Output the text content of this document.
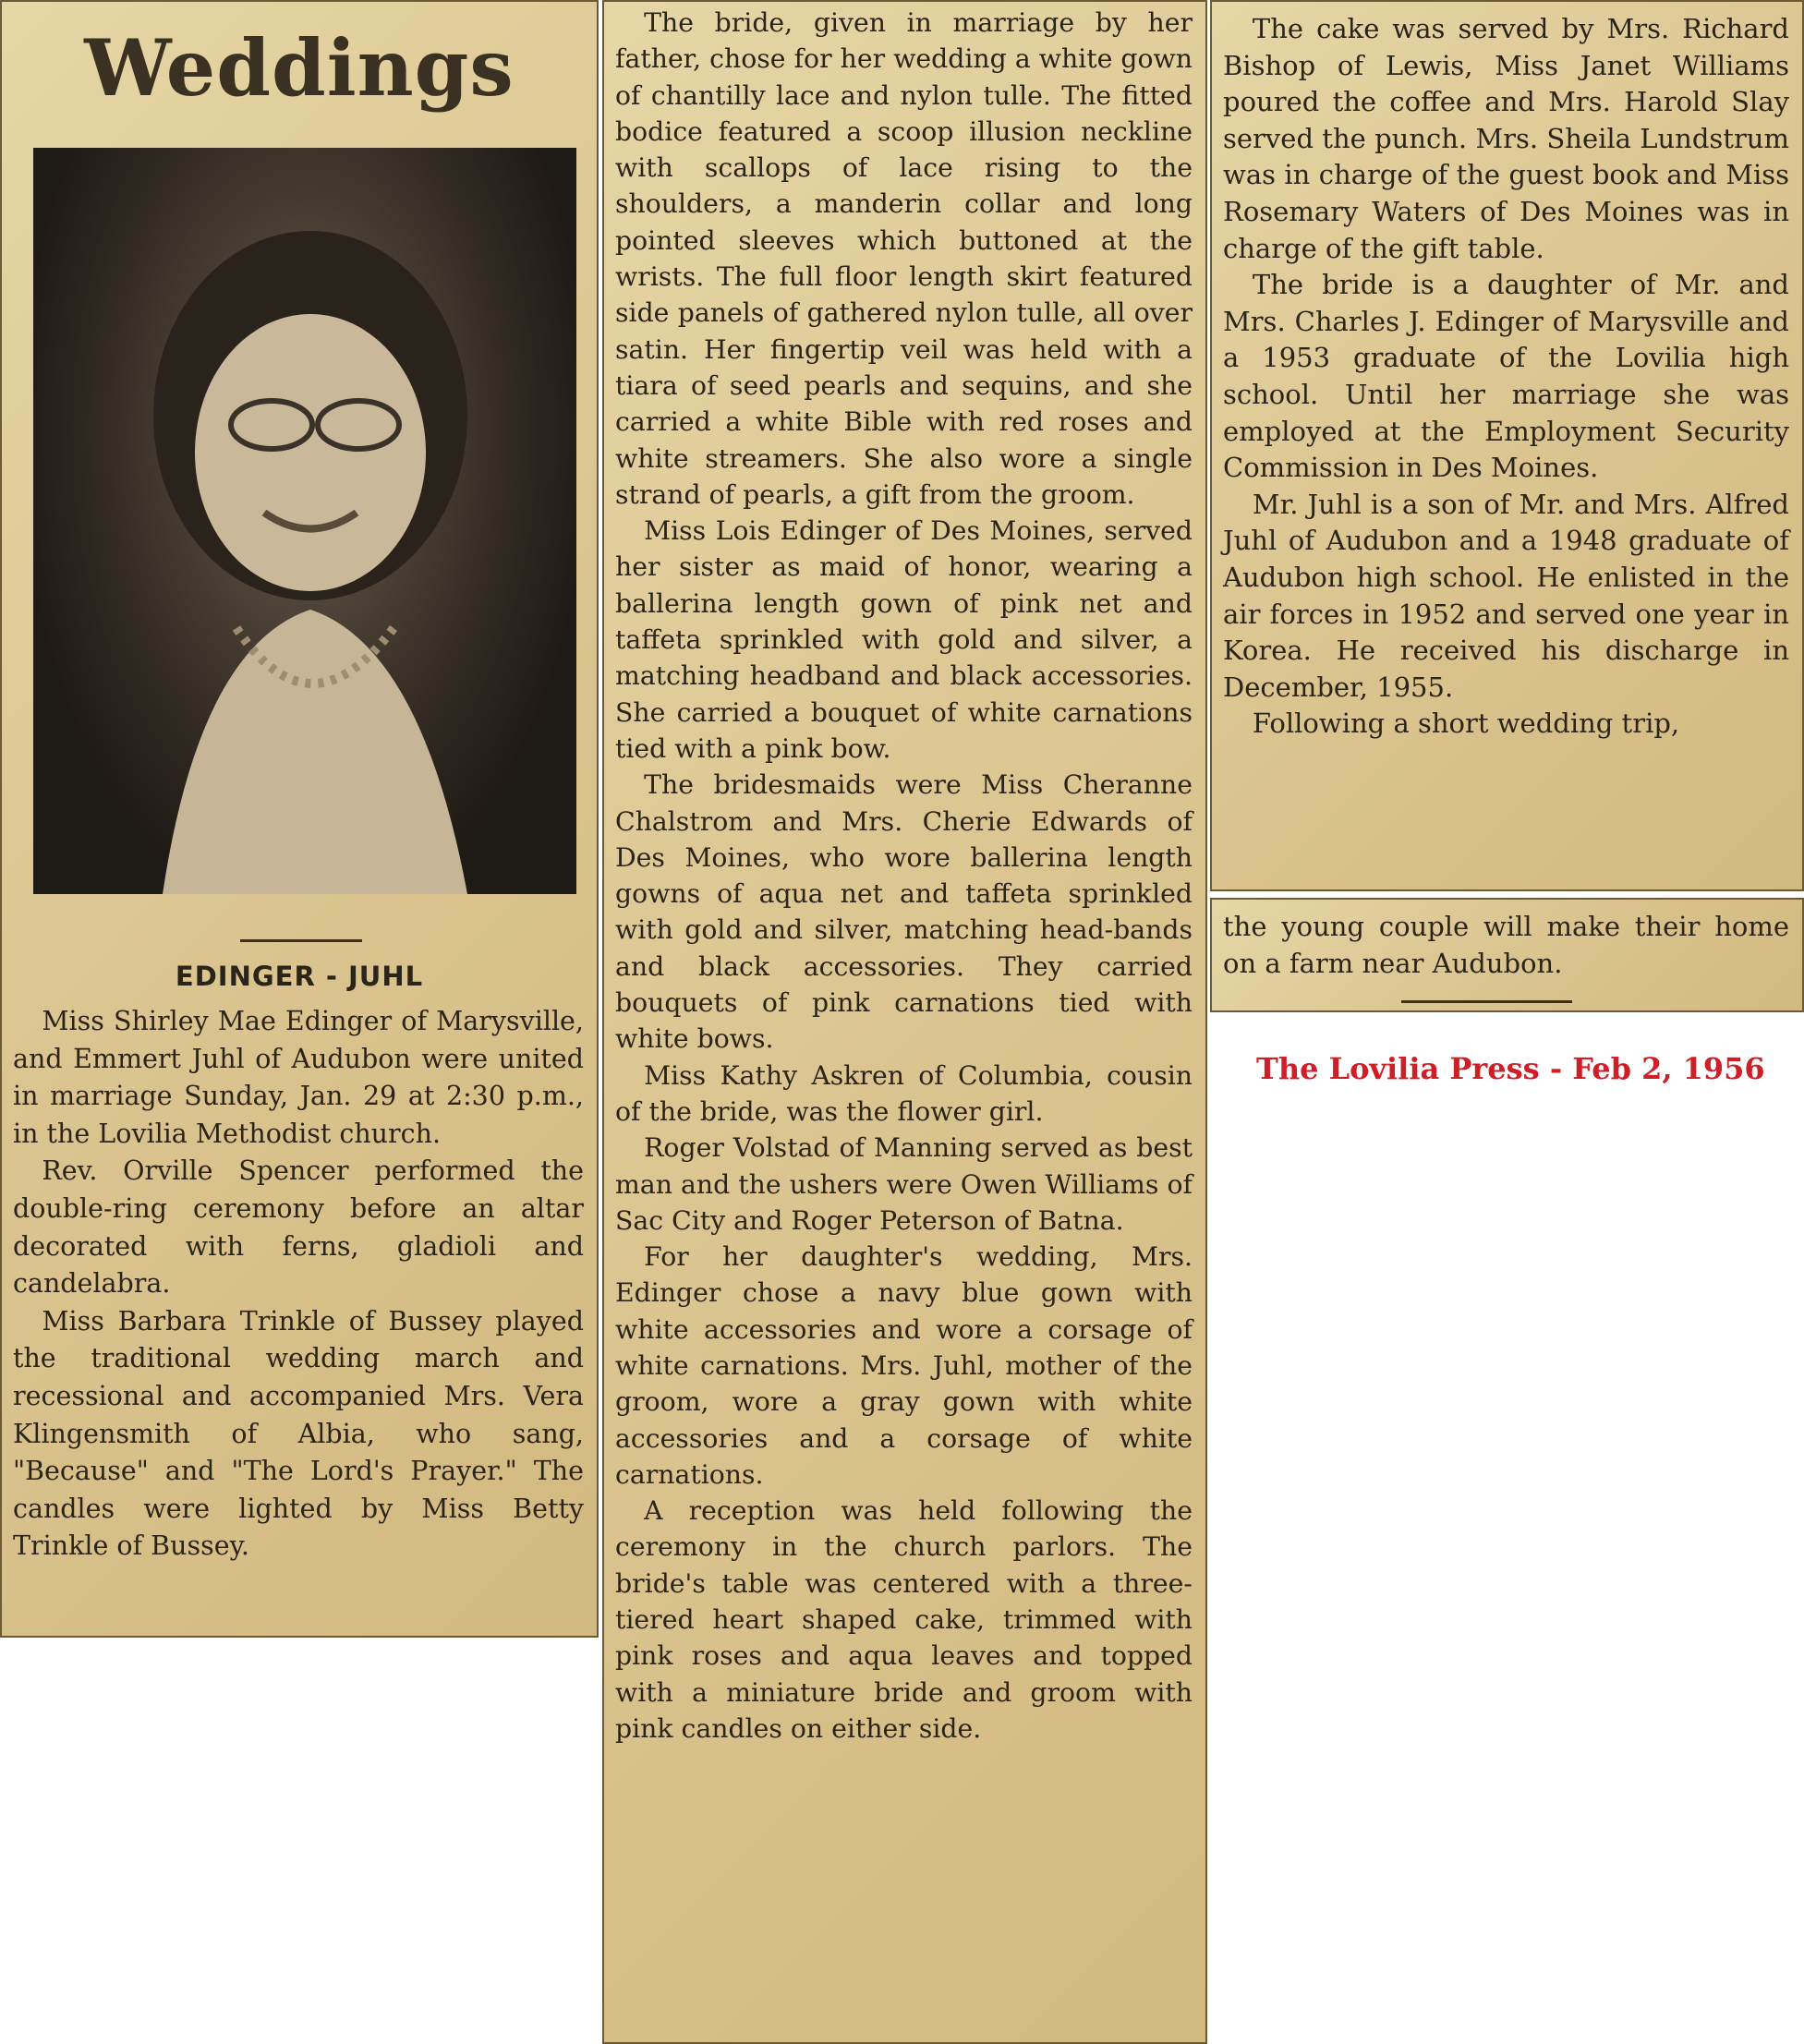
Weddings
EDINGER - JUHL

Miss Shirley Mae Edinger of Marysville, and Emmert Juhl of Audubon were united in marriage Sunday, Jan. 29 at 2:30 p.m., in the Lovilia Methodist church.

Rev. Orville Spencer performed the double-ring ceremony before an altar decorated with ferns, gladioli and candelabra.

Miss Barbara Trinkle of Bussey played the traditional wedding march and recessional and accompanied Mrs. Vera Klingensmith of Albia, who sang, "Because" and "The Lord's Prayer." The candles were lighted by Miss Betty Trinkle of Bussey.

The bride, given in marriage by her father, chose for her wedding a white gown of chantilly lace and nylon tulle. The fitted bodice featured a scoop illusion neckline with scallops of lace rising to the shoulders, a manderin collar and long pointed sleeves which buttoned at the wrists. The full floor length skirt featured side panels of gathered nylon tulle, all over satin. Her fingertip veil was held with a tiara of seed pearls and sequins, and she carried a white Bible with red roses and white streamers. She also wore a single strand of pearls, a gift from the groom.

Miss Lois Edinger of Des Moines, served her sister as maid of honor, wearing a ballerina length gown of pink net and taffeta sprinkled with gold and silver, a matching headband and black accessories. She carried a bouquet of white carnations tied with a pink bow.

The bridesmaids were Miss Cheranne Chalstrom and Mrs. Cherie Edwards of Des Moines, who wore ballerina length gowns of aqua net and taffeta sprinkled with gold and silver, matching head-bands and black accessories. They carried bouquets of pink carnations tied with white bows.

Miss Kathy Askren of Columbia, cousin of the bride, was the flower girl.

Roger Volstad of Manning served as best man and the ushers were Owen Williams of Sac City and Roger Peterson of Batna.

For her daughter's wedding, Mrs. Edinger chose a navy blue gown with white accessories and wore a corsage of white carnations. Mrs. Juhl, mother of the groom, wore a gray gown with white accessories and a corsage of white carnations.

A reception was held following the ceremony in the church parlors. The bride's table was centered with a three-tiered heart shaped cake, trimmed with pink roses and aqua leaves and topped with a miniature bride and groom with pink candles on either side.

The cake was served by Mrs. Richard Bishop of Lewis, Miss Janet Williams poured the coffee and Mrs. Harold Slay served the punch. Mrs. Sheila Lundstrum was in charge of the guest book and Miss Rosemary Waters of Des Moines was in charge of the gift table.

The bride is a daughter of Mr. and Mrs. Charles J. Edinger of Marysville and a 1953 graduate of the Lovilia high school. Until her marriage she was employed at the Employment Security Commission in Des Moines.

Mr. Juhl is a son of Mr. and Mrs. Alfred Juhl of Audubon and a 1948 graduate of Audubon high school. He enlisted in the air forces in 1952 and served one year in Korea. He received his discharge in December, 1955.

Following a short wedding trip,

the young couple will make their home on a farm near Audubon.

The Lovilia Press - Feb 2, 1956
